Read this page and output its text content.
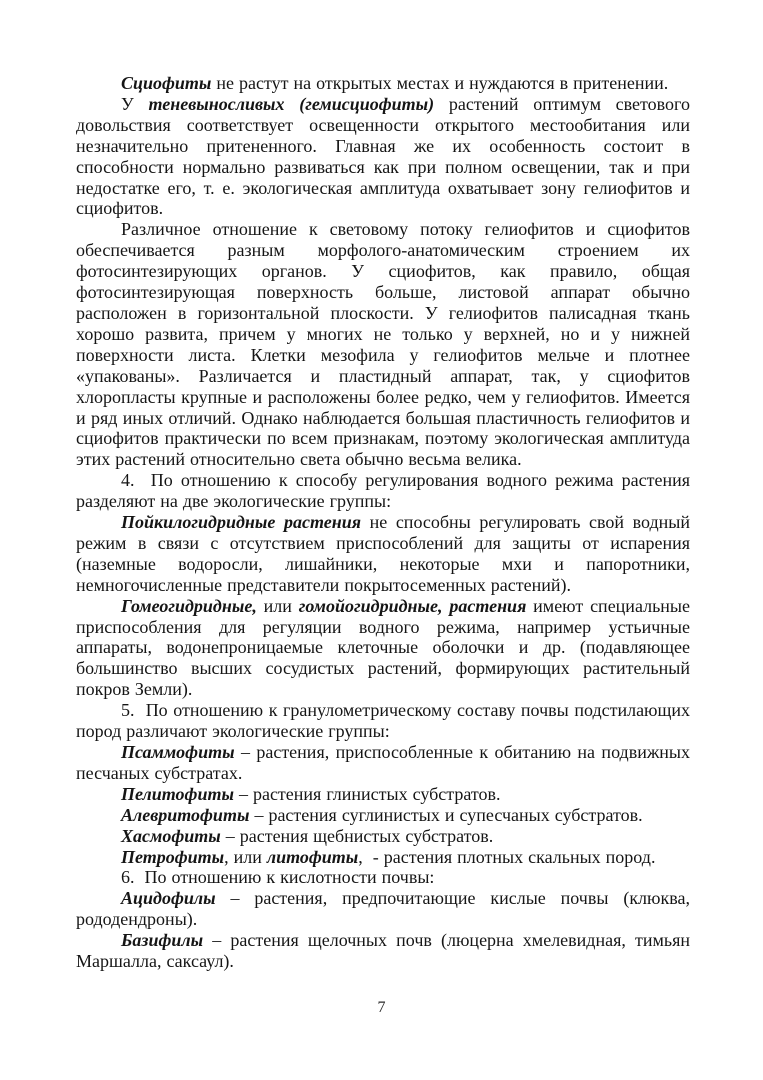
Сциофиты не растут на открытых местах и нуждаются в притенении.

У теневыносливых (гемисциофиты) растений оптимум светового довольствия соответствует освещенности открытого местообитания или незначительно притененного. Главная же их особенность состоит в способности нормально развиваться как при полном освещении, так и при недостатке его, т. е. экологическая амплитуда охватывает зону гелиофитов и сциофитов.

Различное отношение к световому потоку гелиофитов и сциофитов обеспечивается разным морфолого-анатомическим строением их фотосинтезирующих органов. У сциофитов, как правило, общая фотосинтезирующая поверхность больше, листовой аппарат обычно расположен в горизонтальной плоскости. У гелиофитов палисадная ткань хорошо развита, причем у многих не только у верхней, но и у нижней поверхности листа. Клетки мезофила у гелиофитов мельче и плотнее «упакованы». Различается и пластидный аппарат, так, у сциофитов хлоропласты крупные и расположены более редко, чем у гелиофитов. Имеется и ряд иных отличий. Однако наблюдается большая пластичность гелиофитов и сциофитов практически по всем признакам, поэтому экологическая амплитуда этих растений относительно света обычно весьма велика.

4.  По отношению к способу регулирования водного режима растения разделяют на две экологические группы:

Пойкилогидридные растения не способны регулировать свой водный режим в связи с отсутствием приспособлений для защиты от испарения (наземные водоросли, лишайники, некоторые мхи и папоротники, немногочисленные представители покрытосеменных растений).

Гомеогидридные, или гомойогидридные, растения имеют специальные приспособления для регуляции водного режима, например устьичные аппараты, водонепроницаемые клеточные оболочки и др. (подавляющее большинство высших сосудистых растений, формирующих растительный покров Земли).

5.  По отношению к гранулометрическому составу почвы подстилающих пород различают экологические группы:

Псаммофиты – растения, приспособленные к обитанию на подвижных песчаных субстратах.

Пелитофиты – растения глинистых субстратов.

Алевритофиты – растения суглинистых и супесчаных субстратов.

Хасмофиты – растения щебнистых субстратов.

Петрофиты, или литофиты,  - растения плотных скальных пород.

6.  По отношению к кислотности почвы:

Ацидофилы – растения, предпочитающие кислые почвы (клюква, рододендроны).

Базифилы – растения щелочных почв (люцерна хмелевидная, тимьян Маршалла, саксаул).

7
